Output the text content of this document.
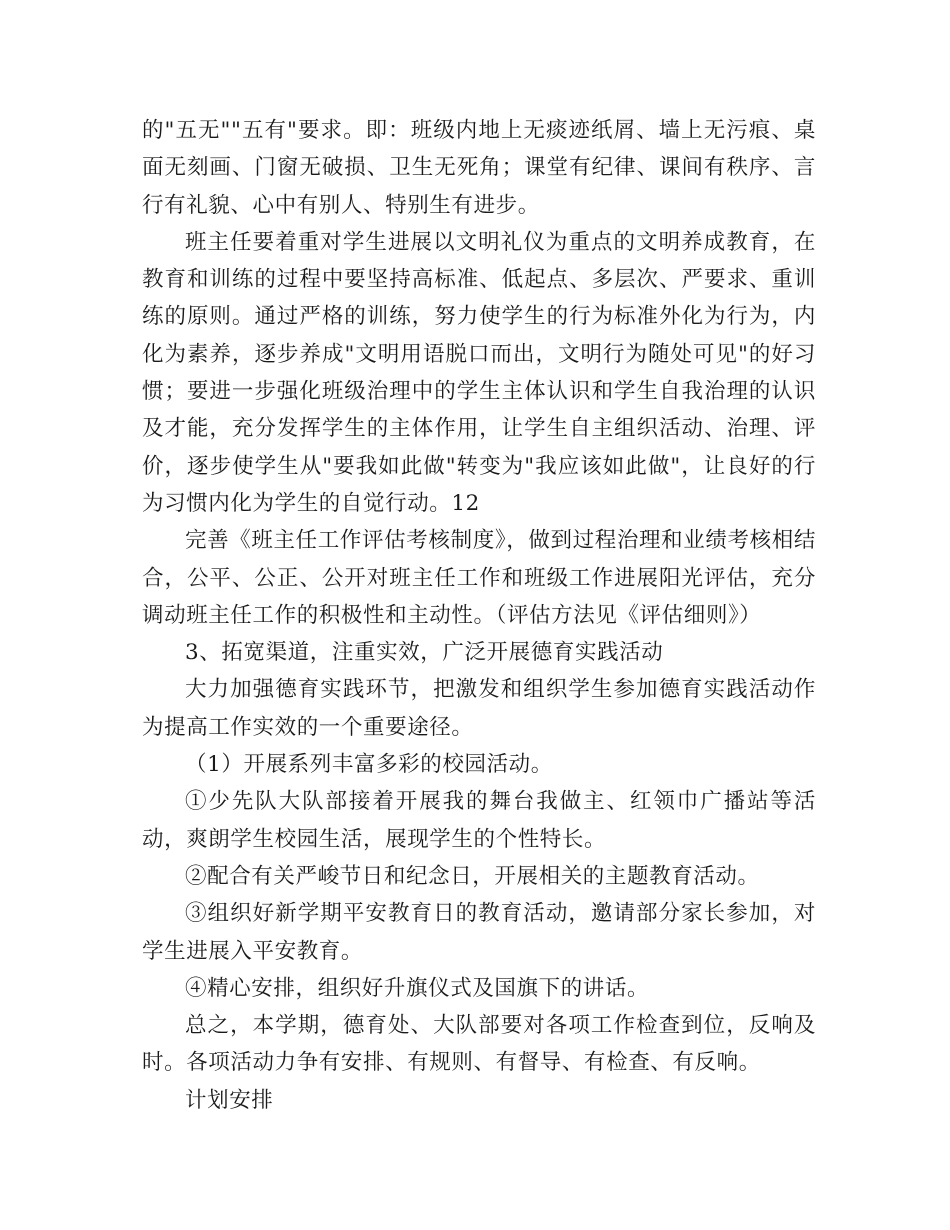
的"五无""五有"要求。即：班级内地上无痰迹纸屑、墙上无污痕、桌面无刻画、门窗无破损、卫生无死角；课堂有纪律、课间有秩序、言行有礼貌、心中有别人、特别生有进步。

班主任要着重对学生进展以文明礼仪为重点的文明养成教育，在教育和训练的过程中要坚持高标准、低起点、多层次、严要求、重训练的原则。通过严格的训练，努力使学生的行为标准外化为行为，内化为素养，逐步养成"文明用语脱口而出，文明行为随处可见"的好习惯；要进一步强化班级治理中的学生主体认识和学生自我治理的认识及才能，充分发挥学生的主体作用，让学生自主组织活动、治理、评价，逐步使学生从"要我如此做"转变为"我应该如此做"，让良好的行为习惯内化为学生的自觉行动。12

完善《班主任工作评估考核制度》，做到过程治理和业绩考核相结合，公平、公正、公开对班主任工作和班级工作进展阳光评估，充分调动班主任工作的积极性和主动性。（评估方法见《评估细则》）

3、拓宽渠道，注重实效，广泛开展德育实践活动

大力加强德育实践环节，把激发和组织学生参加德育实践活动作为提高工作实效的一个重要途径。

（1）开展系列丰富多彩的校园活动。

①少先队大队部接着开展我的舞台我做主、红领巾广播站等活动，爽朗学生校园生活，展现学生的个性特长。

②配合有关严峻节日和纪念日，开展相关的主题教育活动。

③组织好新学期平安教育日的教育活动，邀请部分家长参加，对学生进展入平安教育。

④精心安排，组织好升旗仪式及国旗下的讲话。

总之，本学期，德育处、大队部要对各项工作检查到位，反响及时。各项活动力争有安排、有规则、有督导、有检查、有反响。

计划安排
